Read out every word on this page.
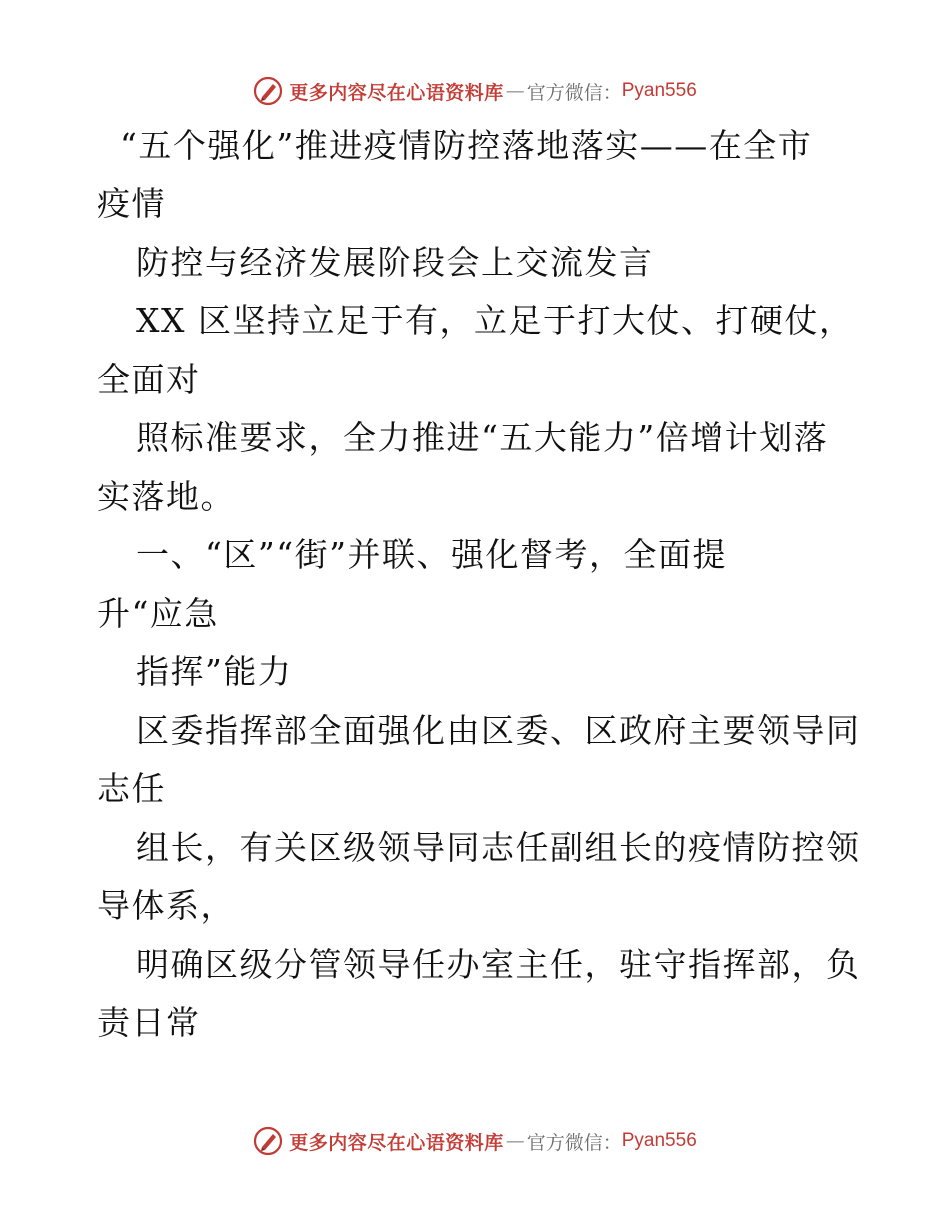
更多内容尽在心语资料库 — 官方微信： Pyan556
“五个强化”推进疫情防控落地落实——在全市
疫情
防控与经济发展阶段会上交流发言
XX 区坚持立足于有，立足于打大仗、打硬仗，
全面对
照标准要求，全力推进“五大能力”倍增计划落
实落地。
一、“区”“街”并联、强化督考，全面提
升“应急
指挥”能力
区委指挥部全面强化由区委、区政府主要领导同
志任
组长，有关区级领导同志任副组长的疫情防控领
导体系，
明确区级分管领导任办室主任，驻守指挥部，负
责日常
更多内容尽在心语资料库 — 官方微信： Pyan556
